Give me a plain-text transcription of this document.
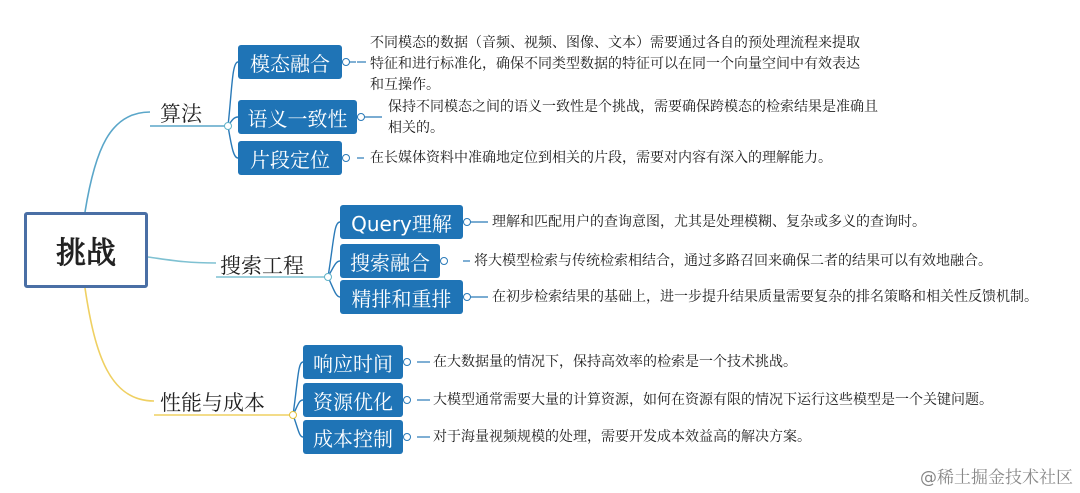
挑战
算法
搜索工程
性能与成本
模态融合
语义一致性
片段定位
Query理解
搜索融合
精排和重排
响应时间
资源优化
成本控制
不同模态的数据（音频、视频、图像、文本）需要通过各自的预处理流程来提取特征和进行标准化，确保不同类型数据的特征可以在同一个向量空间中有效表达和互操作。
保持不同模态之间的语义一致性是个挑战，需要确保跨模态的检索结果是准确且相关的。
在长媒体资料中准确地定位到相关的片段，需要对内容有深入的理解能力。
理解和匹配用户的查询意图，尤其是处理模糊、复杂或多义的查询时。
将大模型检索与传统检索相结合，通过多路召回来确保二者的结果可以有效地融合。
在初步检索结果的基础上，进一步提升结果质量需要复杂的排名策略和相关性反馈机制。
在大数据量的情况下，保持高效率的检索是一个技术挑战。
大模型通常需要大量的计算资源，如何在资源有限的情况下运行这些模型是一个关键问题。
对于海量视频规模的处理，需要开发成本效益高的解决方案。
@稀土掘金技术社区
